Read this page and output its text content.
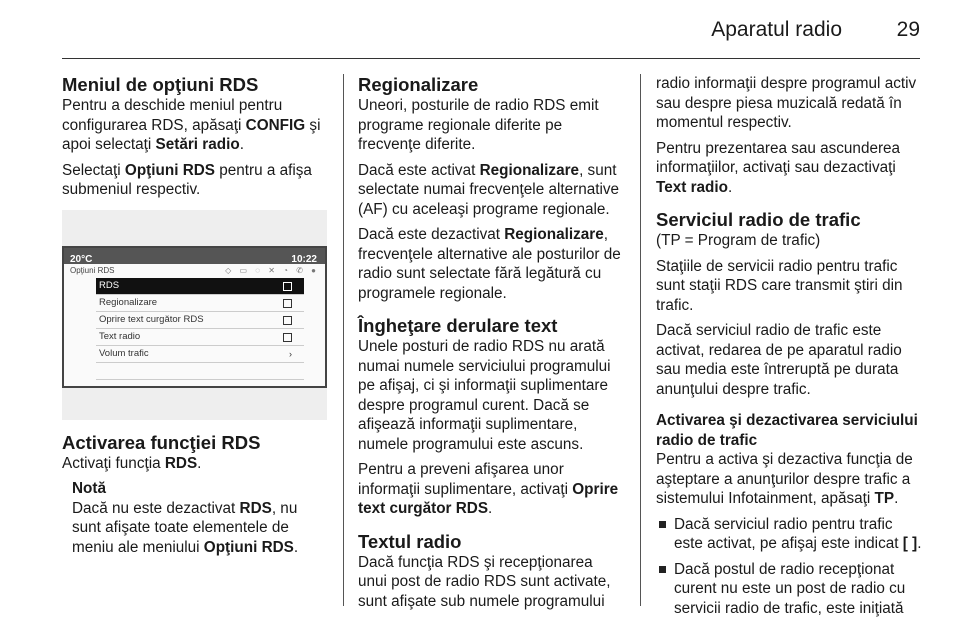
Aparatul radio	29
Meniul de opţiuni RDS

Pentru a deschide meniul pentru configurarea RDS, apăsaţi CONFIG şi apoi selectaţi Setări radio.

Selectaţi Opţiuni RDS pentru a afişa submeniul respectiv.

20°C	10:22
Opţiuni RDS	◇ ▭ ◌ ✕ ◔ ✆ ●
RDS
Regionalizare
Oprire text curgător RDS
Text radio
Volum trafic	›
Activarea funcţiei RDS

Activaţi funcţia RDS.

Notă

Dacă nu este dezactivat RDS, nu sunt afişate toate elementele de meniu ale meniului Opţiuni RDS.

Regionalizare

Uneori, posturile de radio RDS emit programe regionale diferite pe frecvenţe diferite.

Dacă este activat Regionalizare, sunt selectate numai frecvenţele alternative (AF) cu aceleaşi programe regionale.

Dacă este dezactivat Regionalizare, frecvenţele alternative ale posturilor de radio sunt selectate fără legătură cu programele regionale.

Îngheţare derulare text

Unele posturi de radio RDS nu arată numai numele serviciului programului pe afişaj, ci şi informaţii suplimentare despre programul curent. Dacă se afişează informaţii suplimentare, numele programului este ascuns.

Pentru a preveni afişarea unor informaţii suplimentare, activaţi Oprire text curgător RDS.

Textul radio

Dacă funcţia RDS şi recepţionarea unui post de radio RDS sunt activate, sunt afişate sub numele programului

radio informaţii despre programul activ sau despre piesa muzicală redată în momentul respectiv.

Pentru prezentarea sau ascunderea informaţiilor, activaţi sau dezactivaţi Text radio.

Serviciul radio de trafic

(TP = Program de trafic)

Staţiile de servicii radio pentru trafic sunt staţii RDS care transmit ştiri din trafic.

Dacă serviciul radio de trafic este activat, redarea de pe aparatul radio sau media este întreruptă pe durata anunţului despre trafic.

Activarea şi dezactivarea serviciului radio de trafic

Pentru a activa şi dezactiva funcţia de aşteptare a anunţurilor despre trafic a sistemului Infotainment, apăsaţi TP.

Dacă serviciul radio pentru trafic este activat, pe afişaj este indicat [ ].
Dacă postul de radio recepţionat curent nu este un post de radio cu servicii radio de trafic, este iniţiată
